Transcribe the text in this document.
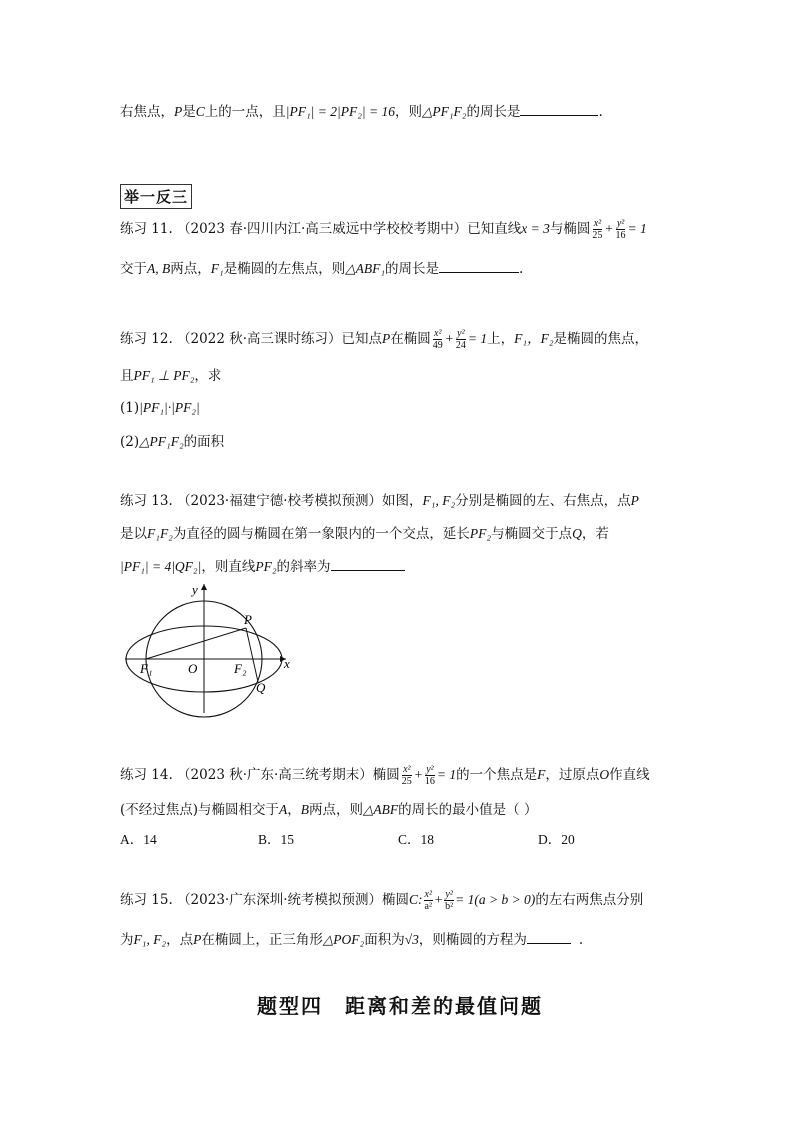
右焦点，P是C上的一点，且|PF₁| = 2|PF₂| = 16，则△PF₁F₂的周长是	.
举一反三
练习 11. （2023 春·四川内江·高三威远中学校校考期中）已知直线x = 3与椭圆 $\frac{\text{x²}}{25} + \frac{\text{y²}}{16} = 1$
交于A, B两点，F₁是椭圆的左焦点，则△ABF₁的周长是	.
练习 12. （2022 秋·高三课时练习）已知点P在椭圆 $\frac{\text{x²}}{49} + \frac{\text{y²}}{24} = 1$上，F₁，F₂是椭圆的焦点，
且PF₁ ⊥ PF₂，求
(1)|PF₁|·|PF₂|
(2)△PF₁F₂的面积
练习 13. （2023·福建宁德·校考模拟预测）如图，F₁, F₂分别是椭圆的左、右焦点，点P
是以F₁F₂为直径的圆与椭圆在第一象限内的一个交点，延长PF₂与椭圆交于点Q，若
|PF₁| = 4|QF₂|，则直线PF₂的斜率为
y
x
O
F₁	F₂
P
Q
练习 14. （2023 秋·广东·高三统考期末）椭圆 $\frac{\text{x²}}{25} + \frac{\text{y²}}{16} = 1$的一个焦点是F，过原点O作直线
(不经过焦点)与椭圆相交于A，B两点，则△ABF的周长的最小值是（ ）
A．14	B．15	C．18	D．20
练习 15. （2023·广东深圳·统考模拟预测）椭圆C: $\frac{\text{x²}}{\text{a²}} + \frac{\text{y²}}{\text{b²}} = 1(a > b > 0)$的左右两焦点分别
为F₁, F₂，点P在椭圆上，正三角形△POF₂面积为√3，则椭圆的方程为	.
题型四　距离和差的最值问题
